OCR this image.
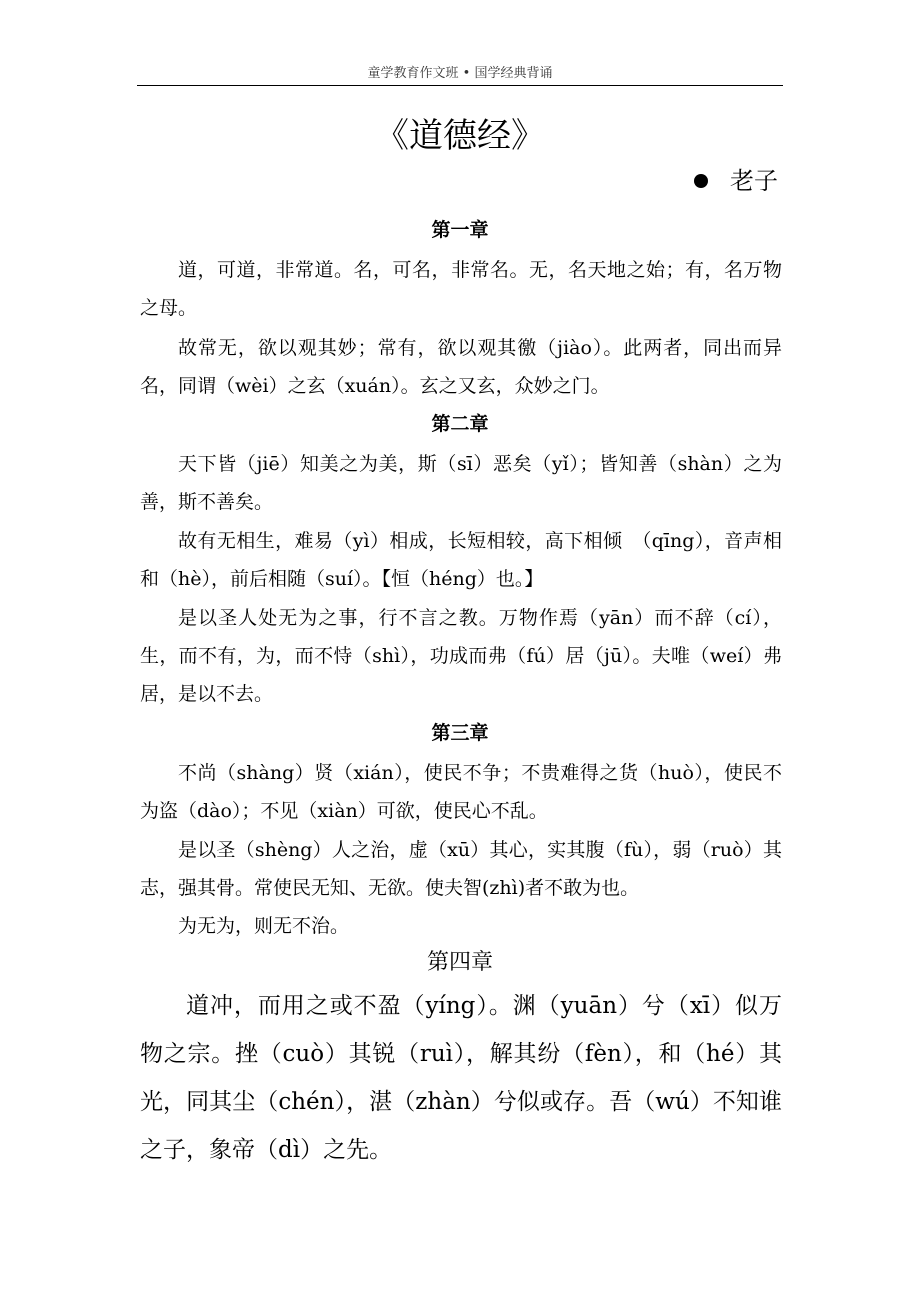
童学教育作文班 • 国学经典背诵
《道德经》
老子
第一章

道，可道，非常道。名，可名，非常名。无，名天地之始；有，名万物之母。

故常无，欲以观其妙；常有，欲以观其徼（jiào）。此两者，同出而异名，同谓（wèi）之玄（xuán）。玄之又玄，众妙之门。

第二章

天下皆（jiē）知美之为美，斯（sī）恶矣（yǐ）；皆知善（shàn）之为善，斯不善矣。

故有无相生，难易（yì）相成，长短相较，高下相倾　（qīng），音声相和（hè），前后相随（suí）。【恒（héng）也。】

是以圣人处无为之事，行不言之教。万物作焉（yān）而不辞（cí），生，而不有，为，而不恃（shì），功成而弗（fú）居（jū）。夫唯（weí）弗居，是以不去。

第三章

不尚（shàng）贤（xián），使民不争；不贵难得之货（huò），使民不为盗（dào）；不见（xiàn）可欲，使民心不乱。

是以圣（shèng）人之治，虚（xū）其心，实其腹（fù），弱（ruò）其志，强其骨。常使民无知、无欲。使夫智(zhì)者不敢为也。

为无为，则无不治。

第四章

道冲，而用之或不盈（yíng）。渊（yuān）兮（xī）似万物之宗。挫（cuò）其锐（ruì），解其纷（fèn），和（hé）其光，同其尘（chén），湛（zhàn）兮似或存。吾（wú）不知谁之子，象帝（dì）之先。
